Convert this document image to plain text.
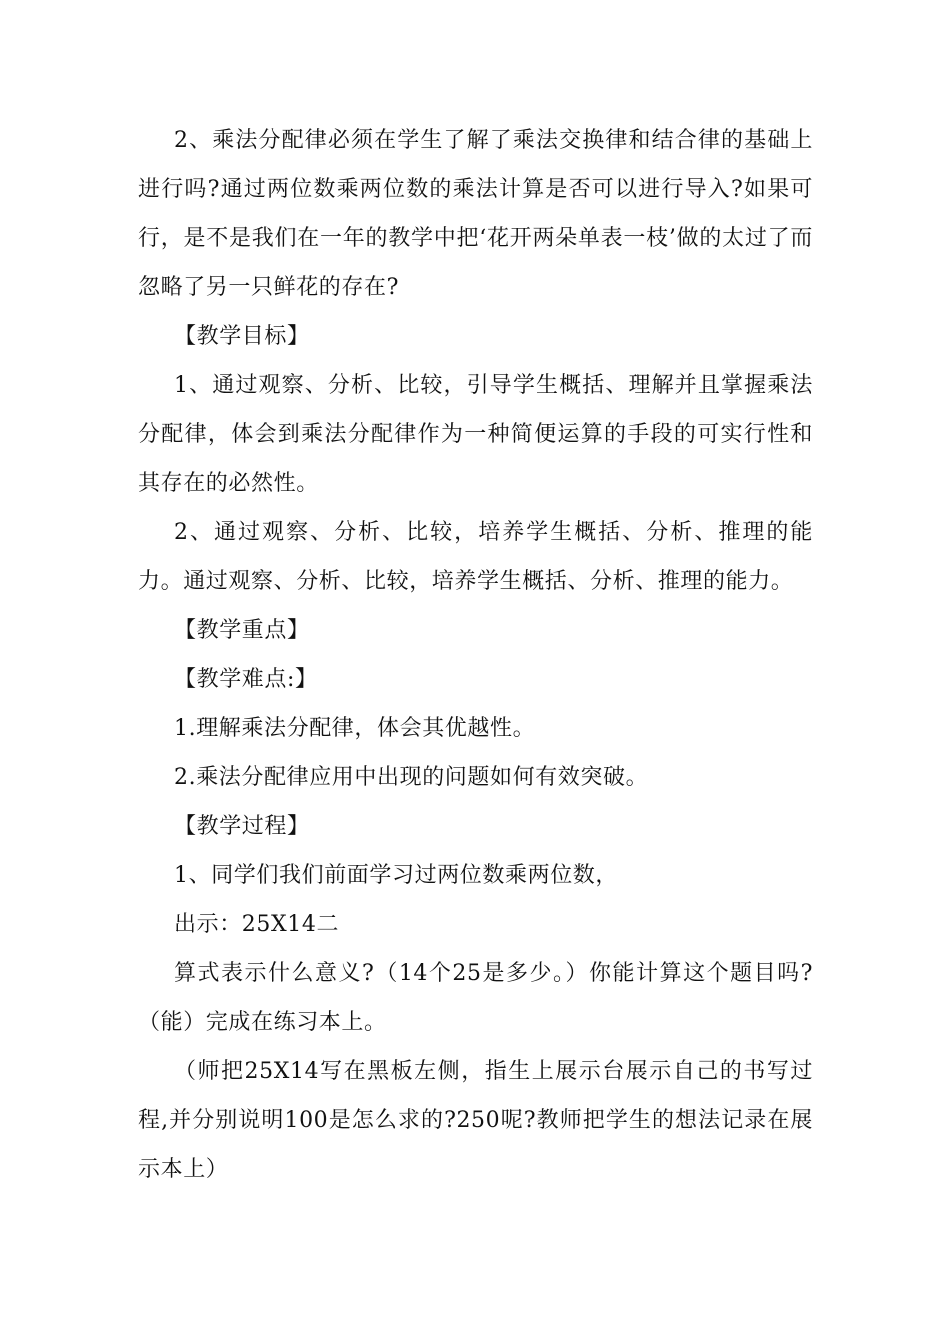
2、乘法分配律必须在学生了解了乘法交换律和结合律的基础上进行吗?通过两位数乘两位数的乘法计算是否可以进行导入?如果可行，是不是我们在一年的教学中把‘花开两朵单表一枝’做的太过了而忽略了另一只鲜花的存在?

【教学目标】

1、通过观察、分析、比较，引导学生概括、理解并且掌握乘法分配律，体会到乘法分配律作为一种简便运算的手段的可实行性和其存在的必然性。

2、通过观察、分析、比较，培养学生概括、分析、推理的能力。通过观察、分析、比较，培养学生概括、分析、推理的能力。

【教学重点】

【教学难点:】

1.理解乘法分配律，体会其优越性。

2.乘法分配律应用中出现的问题如何有效突破。

【教学过程】

1、同学们我们前面学习过两位数乘两位数，

出示：25X14二

算式表示什么意义?（14个25是多少。）你能计算这个题目吗?（能）完成在练习本上。

（师把25X14写在黑板左侧，指生上展示台展示自己的书写过程,并分别说明100是怎么求的?250呢?教师把学生的想法记录在展示本上）
